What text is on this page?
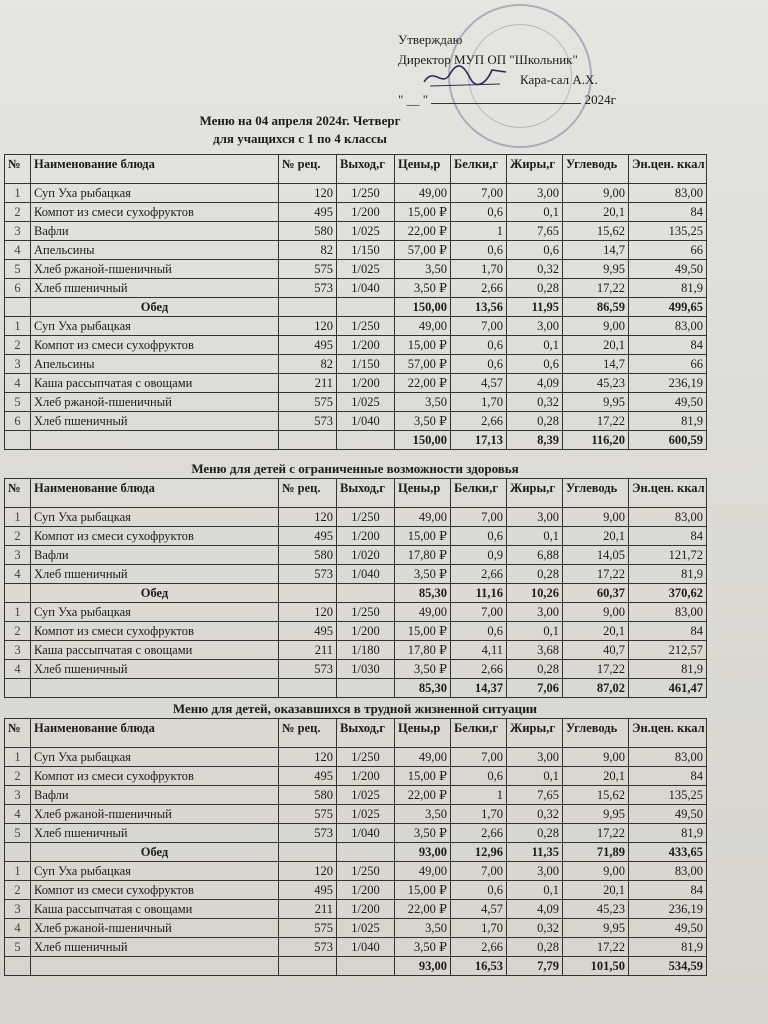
Утверждаю
Директор МУП ОП "Школьник"
Кара-сал А.Х.
" __ "	2024г
Меню на 04 апреля 2024г. Четверг
для учащихся с 1 по 4 классы
№	Наименование блюда	№ рец.	Выход,г	Цены,р	Белки,г	Жиры,г	Углеводь	Эн.цен. ккал
1	Суп Уха рыбацкая	120	1/250	49,00	7,00	3,00	9,00	83,00
2	Компот из смеси сухофруктов	495	1/200	15,00 ₽	0,6	0,1	20,1	84
3	Вафли	580	1/025	22,00 ₽	1	7,65	15,62	135,25
4	Апельсины	82	1/150	57,00 ₽	0,6	0,6	14,7	66
5	Хлеб ржаной-пшеничный	575	1/025	3,50	1,70	0,32	9,95	49,50
6	Хлеб пшеничный	573	1/040	3,50 ₽	2,66	0,28	17,22	81,9
	Обед			150,00	13,56	11,95	86,59	499,65
1	Суп Уха рыбацкая	120	1/250	49,00	7,00	3,00	9,00	83,00
2	Компот из смеси сухофруктов	495	1/200	15,00 ₽	0,6	0,1	20,1	84
3	Апельсины	82	1/150	57,00 ₽	0,6	0,6	14,7	66
4	Каша рассыпчатая с овощами	211	1/200	22,00 ₽	4,57	4,09	45,23	236,19
5	Хлеб ржаной-пшеничный	575	1/025	3,50	1,70	0,32	9,95	49,50
6	Хлеб пшеничный	573	1/040	3,50 ₽	2,66	0,28	17,22	81,9
				150,00	17,13	8,39	116,20	600,59
Меню для детей с ограниченные возможности здоровья
№	Наименование блюда	№ рец.	Выход,г	Цены,р	Белки,г	Жиры,г	Углеводь	Эн.цен. ккал
1	Суп Уха рыбацкая	120	1/250	49,00	7,00	3,00	9,00	83,00
2	Компот из смеси сухофруктов	495	1/200	15,00 ₽	0,6	0,1	20,1	84
3	Вафли	580	1/020	17,80 ₽	0,9	6,88	14,05	121,72
4	Хлеб пшеничный	573	1/040	3,50 ₽	2,66	0,28	17,22	81,9
	Обед			85,30	11,16	10,26	60,37	370,62
1	Суп Уха рыбацкая	120	1/250	49,00	7,00	3,00	9,00	83,00
2	Компот из смеси сухофруктов	495	1/200	15,00 ₽	0,6	0,1	20,1	84
3	Каша рассыпчатая с овощами	211	1/180	17,80 ₽	4,11	3,68	40,7	212,57
4	Хлеб пшеничный	573	1/030	3,50 ₽	2,66	0,28	17,22	81,9
				85,30	14,37	7,06	87,02	461,47
Меню для детей, оказавшихся в трудной жизненной ситуации
№	Наименование блюда	№ рец.	Выход,г	Цены,р	Белки,г	Жиры,г	Углеводь	Эн.цен. ккал
1	Суп Уха рыбацкая	120	1/250	49,00	7,00	3,00	9,00	83,00
2	Компот из смеси сухофруктов	495	1/200	15,00 ₽	0,6	0,1	20,1	84
3	Вафли	580	1/025	22,00 ₽	1	7,65	15,62	135,25
4	Хлеб ржаной-пшеничный	575	1/025	3,50	1,70	0,32	9,95	49,50
5	Хлеб пшеничный	573	1/040	3,50 ₽	2,66	0,28	17,22	81,9
	Обед			93,00	12,96	11,35	71,89	433,65
1	Суп Уха рыбацкая	120	1/250	49,00	7,00	3,00	9,00	83,00
2	Компот из смеси сухофруктов	495	1/200	15,00 ₽	0,6	0,1	20,1	84
3	Каша рассыпчатая с овощами	211	1/200	22,00 ₽	4,57	4,09	45,23	236,19
4	Хлеб ржаной-пшеничный	575	1/025	3,50	1,70	0,32	9,95	49,50
5	Хлеб пшеничный	573	1/040	3,50 ₽	2,66	0,28	17,22	81,9
				93,00	16,53	7,79	101,50	534,59
